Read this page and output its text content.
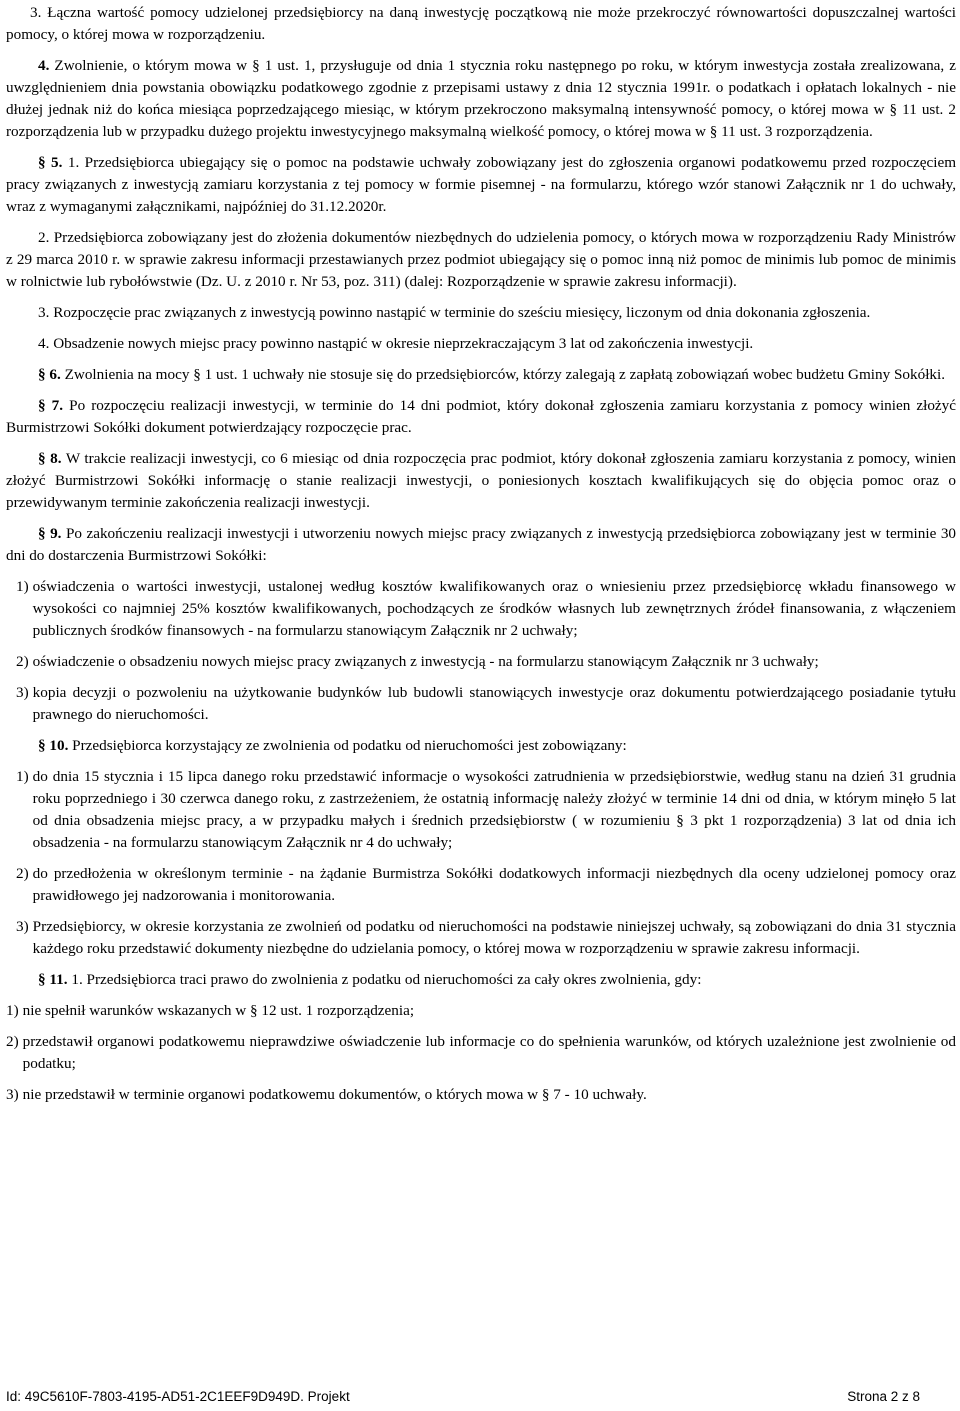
3. Łączna wartość pomocy udzielonej przedsiębiorcy na daną inwestycję początkową nie może przekroczyć równowartości dopuszczalnej wartości pomocy, o której mowa w rozporządzeniu.

4. Zwolnienie, o którym mowa w § 1 ust. 1, przysługuje od dnia 1 stycznia roku następnego po roku, w którym inwestycja została zrealizowana, z uwzględnieniem dnia powstania obowiązku podatkowego zgodnie z przepisami ustawy z dnia 12 stycznia 1991r. o podatkach i opłatach lokalnych - nie dłużej jednak niż do końca miesiąca poprzedzającego miesiąc, w którym przekroczono maksymalną intensywność pomocy, o której mowa w § 11 ust. 2 rozporządzenia lub w przypadku dużego projektu inwestycyjnego maksymalną wielkość pomocy, o której mowa w § 11 ust. 3 rozporządzenia.

§ 5. 1. Przedsiębiorca ubiegający się o pomoc na podstawie uchwały zobowiązany jest do zgłoszenia organowi podatkowemu przed rozpoczęciem pracy związanych z inwestycją zamiaru korzystania z tej pomocy w formie pisemnej - na formularzu, którego wzór stanowi Załącznik nr 1 do uchwały, wraz z wymaganymi załącznikami, najpóźniej do 31.12.2020r.

2. Przedsiębiorca zobowiązany jest do złożenia dokumentów niezbędnych do udzielenia pomocy, o których mowa w rozporządzeniu Rady Ministrów z 29 marca 2010 r. w sprawie zakresu informacji przestawianych przez podmiot ubiegający się o pomoc inną niż pomoc de minimis lub pomoc de minimis w rolnictwie lub rybołówstwie (Dz. U. z 2010 r. Nr 53, poz. 311) (dalej: Rozporządzenie w sprawie zakresu informacji).

3. Rozpoczęcie prac związanych z inwestycją powinno nastąpić w terminie do sześciu miesięcy, liczonym od dnia dokonania zgłoszenia.

4. Obsadzenie nowych miejsc pracy powinno nastąpić w okresie nieprzekraczającym 3 lat od zakończenia inwestycji.

§ 6. Zwolnienia na mocy § 1 ust. 1 uchwały nie stosuje się do przedsiębiorców, którzy zalegają z zapłatą zobowiązań wobec budżetu Gminy Sokółki.

§ 7. Po rozpoczęciu realizacji inwestycji, w terminie do 14 dni podmiot, który dokonał zgłoszenia zamiaru korzystania z pomocy winien złożyć Burmistrzowi Sokółki dokument potwierdzający rozpoczęcie prac.

§ 8. W trakcie realizacji inwestycji, co 6 miesiąc od dnia rozpoczęcia prac podmiot, który dokonał zgłoszenia zamiaru korzystania z pomocy, winien złożyć Burmistrzowi Sokółki informację o stanie realizacji inwestycji, o poniesionych kosztach kwalifikujących się do objęcia pomoc oraz o przewidywanym terminie zakończenia realizacji inwestycji.

§ 9. Po zakończeniu realizacji inwestycji i utworzeniu nowych miejsc pracy związanych z inwestycją przedsiębiorca zobowiązany jest w terminie 30 dni do dostarczenia Burmistrzowi Sokółki:

1) oświadczenia o wartości inwestycji, ustalonej według kosztów kwalifikowanych oraz o wniesieniu przez przedsiębiorcę wkładu finansowego w wysokości co najmniej 25% kosztów kwalifikowanych, pochodzących ze środków własnych lub zewnętrznych źródeł finansowania, z włączeniem publicznych środków finansowych - na formularzu stanowiącym Załącznik nr 2 uchwały;

2) oświadczenie o obsadzeniu nowych miejsc pracy związanych z inwestycją - na formularzu stanowiącym Załącznik nr 3 uchwały;

3) kopia decyzji o pozwoleniu na użytkowanie budynków lub budowli stanowiących inwestycje oraz dokumentu potwierdzającego posiadanie tytułu prawnego do nieruchomości.

§ 10. Przedsiębiorca korzystający ze zwolnienia od podatku od nieruchomości jest zobowiązany:

1) do dnia 15 stycznia i 15 lipca danego roku przedstawić informacje o wysokości zatrudnienia w przedsiębiorstwie, według stanu na dzień 31 grudnia roku poprzedniego i 30 czerwca danego roku, z zastrzeżeniem, że ostatnią informację należy złożyć w terminie 14 dni od dnia, w którym minęło 5 lat od dnia obsadzenia miejsc pracy, a w przypadku małych i średnich przedsiębiorstw ( w rozumieniu § 3 pkt 1 rozporządzenia) 3 lat od dnia ich obsadzenia - na formularzu stanowiącym Załącznik nr 4 do uchwały;

2) do przedłożenia w określonym terminie - na żądanie Burmistrza Sokółki dodatkowych informacji niezbędnych dla oceny udzielonej pomocy oraz prawidłowego jej nadzorowania i monitorowania.

3) Przedsiębiorcy, w okresie korzystania ze zwolnień od podatku od nieruchomości na podstawie niniejszej uchwały, są zobowiązani do dnia 31 stycznia każdego roku przedstawić dokumenty niezbędne do udzielania pomocy, o której mowa w rozporządzeniu w sprawie zakresu informacji.

§ 11. 1. Przedsiębiorca traci prawo do zwolnienia z podatku od nieruchomości za cały okres zwolnienia, gdy:

1) nie spełnił warunków wskazanych w § 12 ust. 1 rozporządzenia;

2) przedstawił organowi podatkowemu nieprawdziwe oświadczenie lub informacje co do spełnienia warunków, od których uzależnione jest zwolnienie od podatku;

3) nie przedstawił w terminie organowi podatkowemu dokumentów, o których mowa w § 7 - 10 uchwały.

Id: 49C5610F-7803-4195-AD51-2C1EEF9D949D. Projekt	Strona 2 z 8
